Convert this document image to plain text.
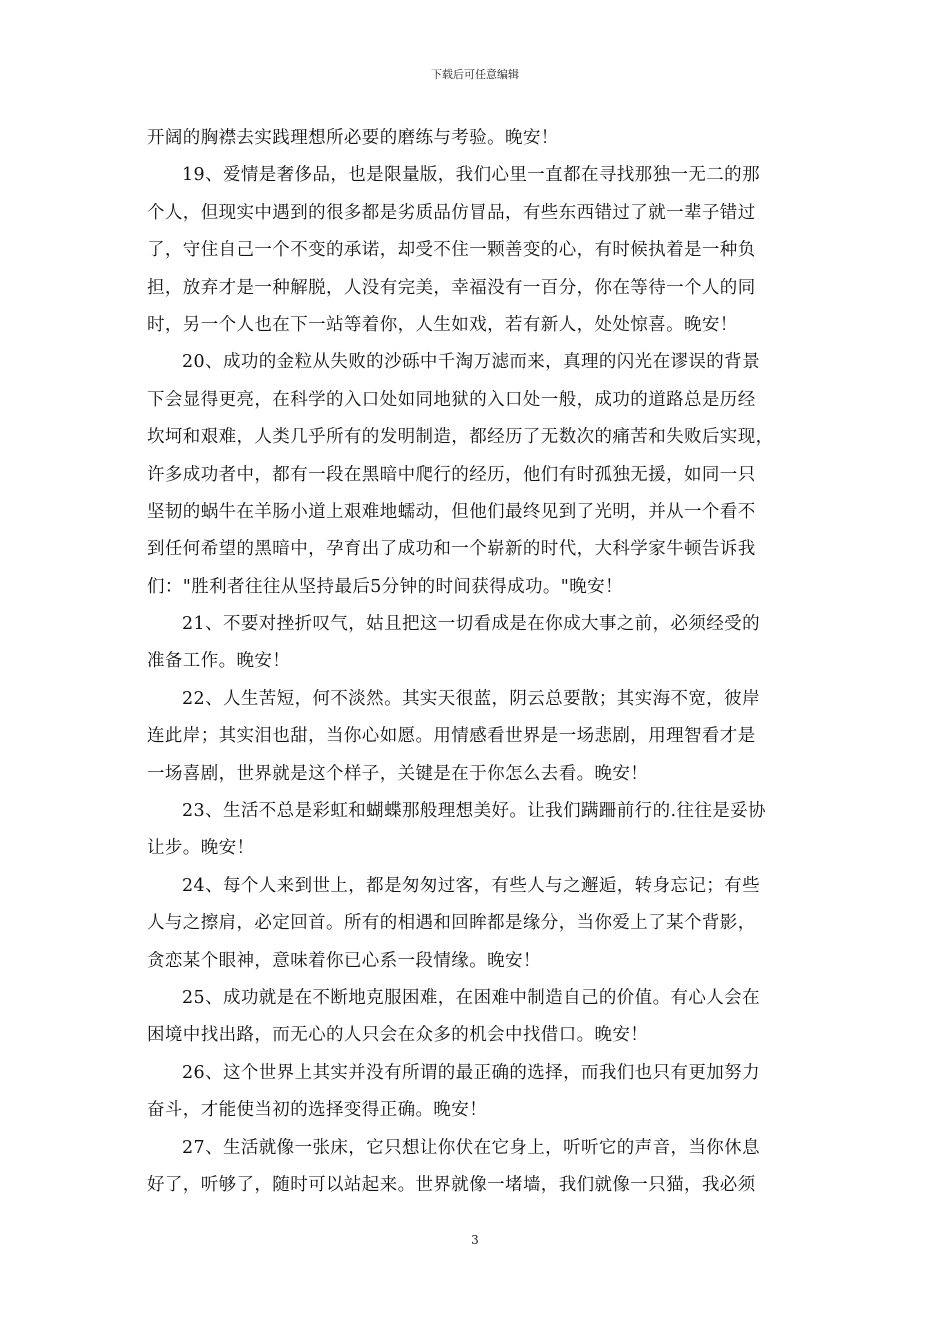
下载后可任意编辑
开阔的胸襟去实践理想所必要的磨练与考验。晚安！
19、爱情是奢侈品，也是限量版，我们心里一直都在寻找那独一无二的那
个人，但现实中遇到的很多都是劣质品仿冒品，有些东西错过了就一辈子错过
了，守住自己一个不变的承诺，却受不住一颗善变的心，有时候执着是一种负
担，放弃才是一种解脱，人没有完美，幸福没有一百分，你在等待一个人的同
时，另一个人也在下一站等着你，人生如戏，若有新人，处处惊喜。晚安！
20、成功的金粒从失败的沙砾中千淘万滤而来，真理的闪光在谬误的背景
下会显得更亮，在科学的入口处如同地狱的入口处一般，成功的道路总是历经
坎坷和艰难，人类几乎所有的发明制造，都经历了无数次的痛苦和失败后实现，
许多成功者中，都有一段在黑暗中爬行的经历，他们有时孤独无援，如同一只
坚韧的蜗牛在羊肠小道上艰难地蠕动，但他们最终见到了光明，并从一个看不
到任何希望的黑暗中，孕育出了成功和一个崭新的时代，大科学家牛顿告诉我
们："胜利者往往从坚持最后5分钟的时间获得成功。"晚安！
21、不要对挫折叹气，姑且把这一切看成是在你成大事之前，必须经受的
准备工作。晚安！
22、人生苦短，何不淡然。其实天很蓝，阴云总要散；其实海不宽，彼岸
连此岸；其实泪也甜，当你心如愿。用情感看世界是一场悲剧，用理智看才是
一场喜剧，世界就是这个样子，关键是在于你怎么去看。晚安！
23、生活不总是彩虹和蝴蝶那般理想美好。让我们蹒跚前行的.往往是妥协
让步。晚安！
24、每个人来到世上，都是匆匆过客，有些人与之邂逅，转身忘记；有些
人与之擦肩，必定回首。所有的相遇和回眸都是缘分，当你爱上了某个背影，
贪恋某个眼神，意味着你已心系一段情缘。晚安！
25、成功就是在不断地克服困难，在困难中制造自己的价值。有心人会在
困境中找出路，而无心的人只会在众多的机会中找借口。晚安！
26、这个世界上其实并没有所谓的最正确的选择，而我们也只有更加努力
奋斗，才能使当初的选择变得正确。晚安！
27、生活就像一张床，它只想让你伏在它身上，听听它的声音，当你休息
好了，听够了，随时可以站起来。世界就像一堵墙，我们就像一只猫，我必须
3
